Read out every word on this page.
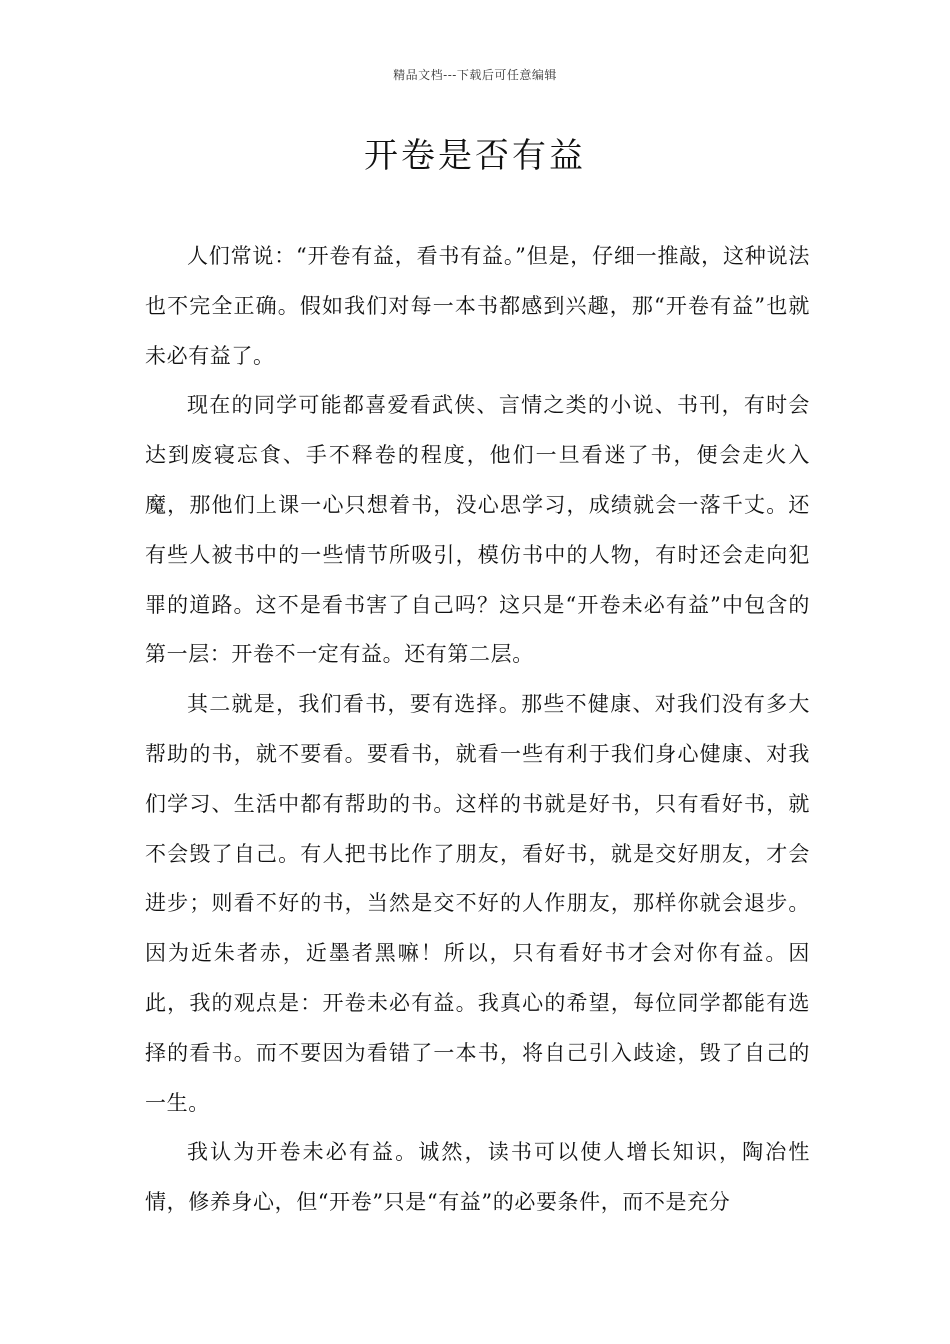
精品文档---下载后可任意编辑
开卷是否有益

人们常说：“开卷有益，看书有益。”但是，仔细一推敲，这种说法也不完全正确。假如我们对每一本书都感到兴趣，那“开卷有益”也就未必有益了。

现在的同学可能都喜爱看武侠、言情之类的小说、书刊，有时会达到废寝忘食、手不释卷的程度，他们一旦看迷了书，便会走火入魔，那他们上课一心只想着书，没心思学习，成绩就会一落千丈。还有些人被书中的一些情节所吸引，模仿书中的人物，有时还会走向犯罪的道路。这不是看书害了自己吗？这只是“开卷未必有益”中包含的第一层：开卷不一定有益。还有第二层。

其二就是，我们看书，要有选择。那些不健康、对我们没有多大帮助的书，就不要看。要看书，就看一些有利于我们身心健康、对我们学习、生活中都有帮助的书。这样的书就是好书，只有看好书，就不会毁了自己。有人把书比作了朋友，看好书，就是交好朋友，才会进步；则看不好的书，当然是交不好的人作朋友，那样你就会退步。因为近朱者赤，近墨者黑嘛！所以，只有看好书才会对你有益。因此，我的观点是：开卷未必有益。我真心的希望，每位同学都能有选择的看书。而不要因为看错了一本书，将自己引入歧途，毁了自己的一生。

我认为开卷未必有益。诚然，读书可以使人增长知识，陶冶性情，修养身心，但“开卷”只是“有益”的必要条件，而不是充分
